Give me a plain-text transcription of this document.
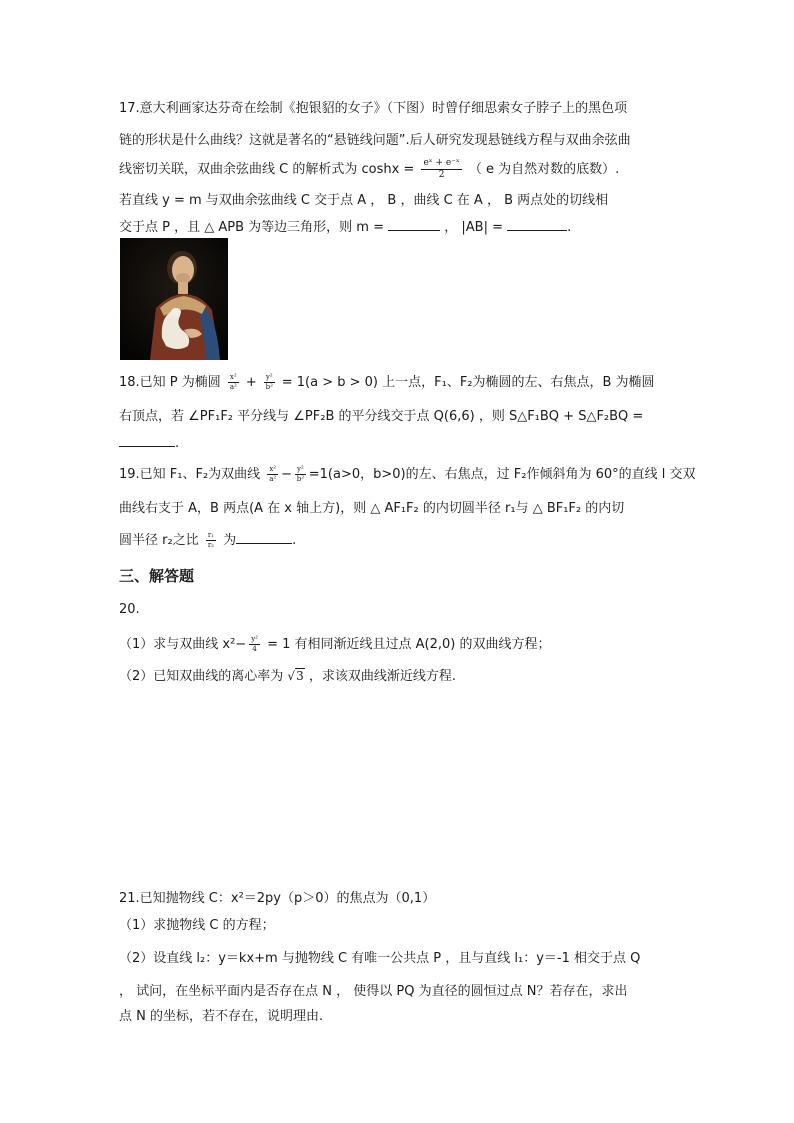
17.意大利画家达芬奇在绘制《抱银貂的女子》（下图）时曾仔细思索女子脖子上的黑色项
链的形状是什么曲线？这就是著名的“悬链线问题”.后人研究发现悬链线方程与双曲余弦曲
线密切关联，双曲余弦曲线 C 的解析式为 $\cosh x = \frac{\text{eˣ + e⁻ˣ}}{2}$ （ e 为自然对数的底数）.
若直线 y = m 与双曲余弦曲线 C 交于点 A ， B ，曲线 C 在 A ， B 两点处的切线相
交于点 P ，且 △ APB 为等边三角形，则 m =	， |AB| =	.
18.已知 P 为椭圆 $\frac{\text{x²}}{\text{a²}} + \frac{\text{y²}}{\text{b²}} = 1(a > b > 0)$ 上一点，F₁、F₂为椭圆的左、右焦点，B 为椭圆
右顶点，若 ∠PF₁F₂ 平分线与 ∠PF₂B 的平分线交于点 Q(6,6) ，则 S△F₁BQ + S△F₂BQ =
.
19.已知 F₁、F₂为双曲线 $\frac{\text{x²}}{\text{a²}} - \frac{\text{y²}}{\text{b²}} =1(a>0$，b>0)的左、右焦点，过 F₂作倾斜角为 60°的直线 l 交双
曲线右支于 A，B 两点(A 在 x 轴上方)，则 △ AF₁F₂ 的内切圆半径 r₁与 △ BF₁F₂ 的内切
圆半径 r₂之比 $\frac{\text{r₁}}{\text{r₂}}$ 为	.
三、解答题
20.
（1）求与双曲线 $x^2- \frac{\text{y²}}{4} = 1$ 有相同渐近线且过点 A(2,0) 的双曲线方程；
（2）已知双曲线的离心率为 √3 ，求该双曲线渐近线方程.
21.已知抛物线 C：x²＝2py（p＞0）的焦点为（0,1）
（1）求抛物线 C 的方程；
（2）设直线 l₂：y＝kx+m 与抛物线 C 有唯一公共点 P ，且与直线 l₁：y＝-1 相交于点 Q
， 试问，在坐标平面内是否存在点 N ， 使得以 PQ 为直径的圆恒过点 N？若存在，求出
点 N 的坐标，若不存在，说明理由.
